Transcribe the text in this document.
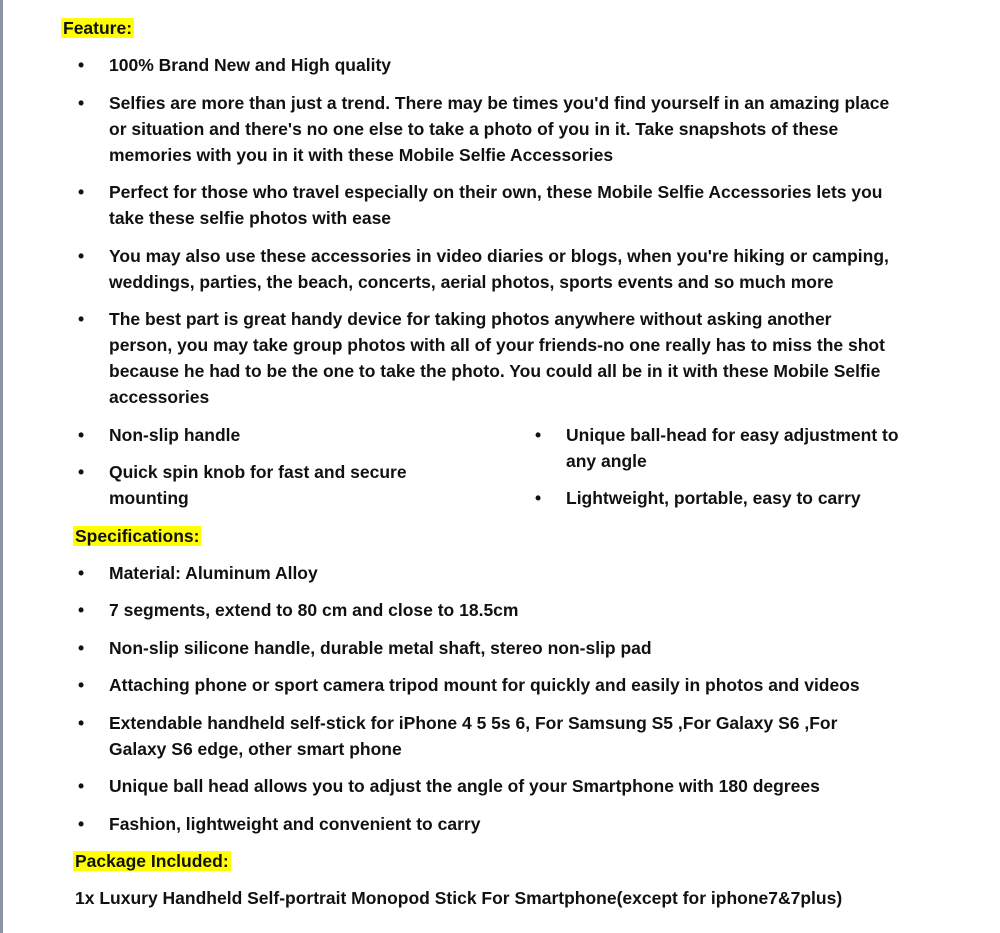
Feature:
• 100% Brand New and High quality
• Selfies are more than just a trend. There may be times you'd find yourself in an amazing place
or situation and there's no one else to take a photo of you in it. Take snapshots of these
memories with you in it with these Mobile Selfie Accessories
• Perfect for those who travel especially on their own, these Mobile Selfie Accessories lets you
take these selfie photos with ease
• You may also use these accessories in video diaries or blogs, when you're hiking or camping,
weddings, parties, the beach, concerts, aerial photos, sports events and so much more
• The best part is great handy device for taking photos anywhere without asking another
person, you may take group photos with all of your friends-no one really has to miss the shot
because he had to be the one to take the photo. You could all be in it with these Mobile Selfie
accessories
• Non-slip handle
• Quick spin knob for fast and secure
mounting
• Unique ball-head for easy adjustment to
any angle
• Lightweight, portable, easy to carry
Specifications:
• Material: Aluminum Alloy
• 7 segments, extend to 80 cm and close to 18.5cm
• Non-slip silicone handle, durable metal shaft, stereo non-slip pad
• Attaching phone or sport camera tripod mount for quickly and easily in photos and videos
• Extendable handheld self-stick for iPhone 4 5 5s 6, For Samsung S5 ,For Galaxy S6 ,For
Galaxy S6 edge, other smart phone
• Unique ball head allows you to adjust the angle of your Smartphone with 180 degrees
• Fashion, lightweight and convenient to carry
Package Included:
1x Luxury Handheld Self-portrait Monopod Stick For Smartphone(except for iphone7&7plus)
